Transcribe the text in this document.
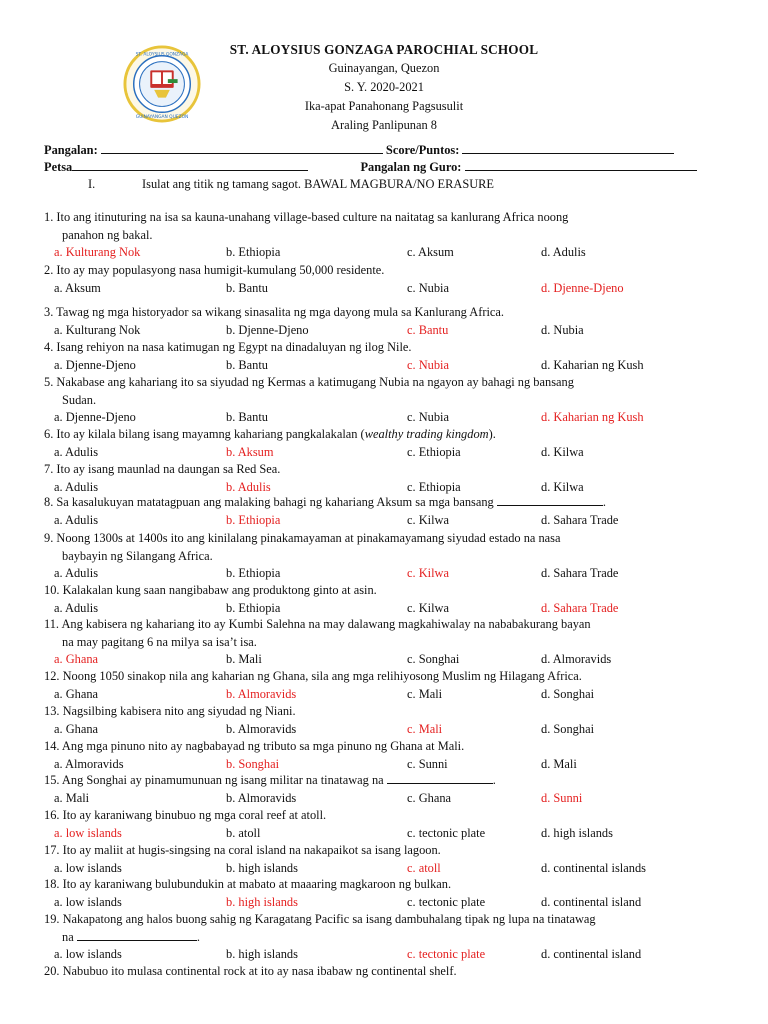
ST. ALOYSIUS GONZAGA
GUINAYANGAN QUEZON
ST. ALOYSIUS GONZAGA PAROCHIAL SCHOOL
Guinayangan, Quezon
S. Y. 2020-2021
Ika-apat Panahonang Pagsusulit
Araling Panlipunan 8
Pangalan:	Score/Puntos:
Petsa	Pangalan ng Guro:
I.	Isulat ang titik ng tamang sagot. BAWAL MAGBURA/NO ERASURE
1. Ito ang itinuturing na isa sa kauna-unahang village-based culture na naitatag sa kanlurang Africa noong
panahon ng bakal.
a. Kulturang Nok	b. Ethiopia	c. Aksum	d. Adulis
2. Ito ay may populasyong nasa humigit-kumulang 50,000 residente.
a. Aksum	b. Bantu	c. Nubia	d. Djenne-Djeno
3. Tawag ng mga historyador sa wikang sinasalita ng mga dayong mula sa Kanlurang Africa.
a. Kulturang Nok	b. Djenne-Djeno	c. Bantu	d. Nubia
4. Isang rehiyon na nasa katimugan ng Egypt na dinadaluyan ng ilog Nile.
a. Djenne-Djeno	b. Bantu	c. Nubia	d. Kaharian ng Kush
5. Nakabase ang kahariang ito sa siyudad ng Kermas a katimugang Nubia na ngayon ay bahagi ng bansang
Sudan.
a. Djenne-Djeno	b. Bantu	c. Nubia	d. Kaharian ng Kush
6. Ito ay kilala bilang isang mayamng kahariang pangkalakalan (wealthy trading kingdom).
a. Adulis	b. Aksum	c. Ethiopia	d. Kilwa
7. Ito ay isang maunlad na daungan sa Red Sea.
a. Adulis	b. Adulis	c. Ethiopia	d. Kilwa
8. Sa kasalukuyan matatagpuan ang malaking bahagi ng kahariang Aksum sa mga bansang	.
a. Adulis	b. Ethiopia	c. Kilwa	d. Sahara Trade
9. Noong 1300s at 1400s ito ang kinilalang pinakamayaman at pinakamayamang siyudad estado na nasa
baybayin ng Silangang Africa.
a. Adulis	b. Ethiopia	c. Kilwa	d. Sahara Trade
10. Kalakalan kung saan nangibabaw ang produktong ginto at asin.
a. Adulis	b. Ethiopia	c. Kilwa	d. Sahara Trade
11. Ang kabisera ng kahariang ito ay Kumbi Salehna na may dalawang magkahiwalay na nababakurang bayan
na may pagitang 6 na milya sa isa’t isa.
a. Ghana	b. Mali	c. Songhai	d. Almoravids
12. Noong 1050 sinakop nila ang kaharian ng Ghana, sila ang mga relihiyosong Muslim ng Hilagang Africa.
a. Ghana	b. Almoravids	c. Mali	d. Songhai
13. Nagsilbing kabisera nito ang siyudad ng Niani.
a. Ghana	b. Almoravids	c. Mali	d. Songhai
14. Ang mga pinuno nito ay nagbabayad ng tributo sa mga pinuno ng Ghana at Mali.
a. Almoravids	b. Songhai	c. Sunni	d. Mali
15. Ang Songhai ay pinamumunuan ng isang militar na tinatawag na	.
a. Mali	b. Almoravids	c. Ghana	d. Sunni
16. Ito ay karaniwang binubuo ng mga coral reef at atoll.
a. low islands	b. atoll	c. tectonic plate	d. high islands
17. Ito ay maliit at hugis-singsing na coral island na nakapaikot sa isang lagoon.
a. low islands	b. high islands	c. atoll	d. continental islands
18. Ito ay karaniwang bulubundukin at mabato at maaaring magkaroon ng bulkan.
a. low islands	b. high islands	c. tectonic plate	d. continental island
19. Nakapatong ang halos buong sahig ng Karagatang Pacific sa isang dambuhalang tipak ng lupa na tinatawag
na	.
a. low islands	b. high islands	c. tectonic plate	d. continental island
20. Nabubuo ito mulasa continental rock at ito ay nasa ibabaw ng continental shelf.
